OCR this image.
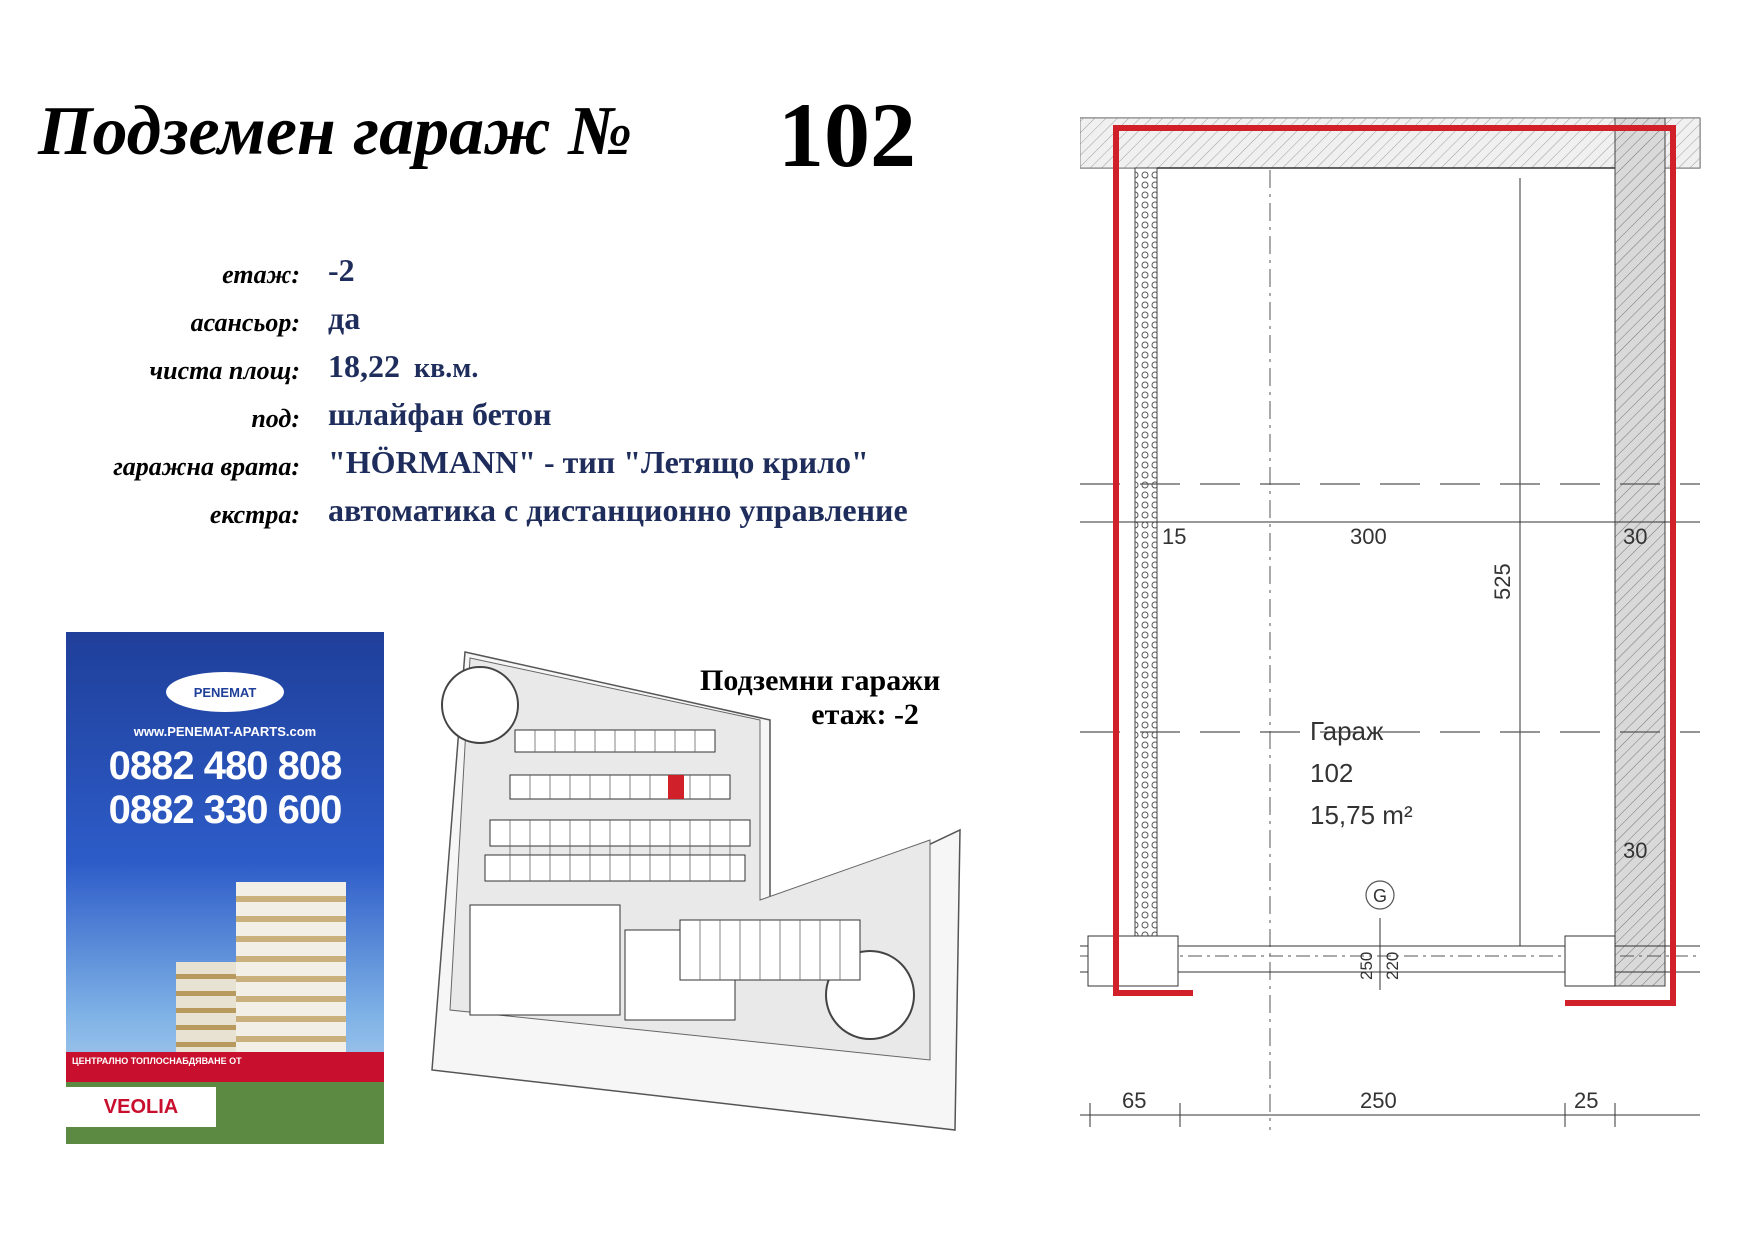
Подземен гараж № 102
етаж: -2
асансьор: да
чиста площ: 18,22 кв.м.
под: шлайфан бетон
гаражна врата: "HÖRMANN" - тип "Летящо крило"
екстра: автоматика с дистанционно управление
PENEMAT
www.PENEMAT-APARTS.com
0882 480 808
0882 330 600
ЦЕНТРАЛНО ТОПЛОСНАБДЯВАНЕ ОТ
VEOLIA
Подземни гаражи
етаж: -2
15	300	30
30
525
250 220
G
Гараж
102
15,75 m²
65	250	25
